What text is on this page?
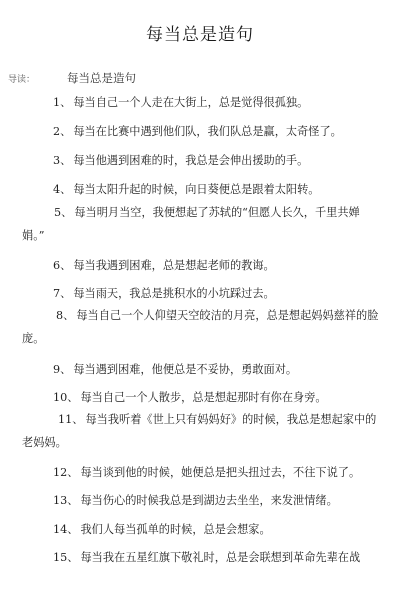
每当总是造句
导读：	每当总是造句
1、 每当自己一个人走在大街上，总是觉得很孤独。
2、 每当在比赛中遇到他们队，我们队总是赢，太奇怪了。
3、 每当他遇到困难的时，我总是会伸出援助的手。
4、 每当太阳升起的时候，向日葵便总是跟着太阳转。
5、 每当明月当空，我便想起了苏轼的“但愿人长久，千里共婵娟。”
6、 每当我遇到困难，总是想起老师的教诲。
7、 每当雨天，我总是挑积水的小坑踩过去。
8、 每当自己一个人仰望天空皎洁的月亮，总是想起妈妈慈祥的脸庞。
9、 每当遇到困难，他便总是不妥协，勇敢面对。
10、 每当自己一个人散步，总是想起那时有你在身旁。
11、 每当我听着《世上只有妈妈好》的时候，我总是想起家中的老妈妈。
12、 每当谈到他的时候，她便总是把头扭过去，不往下说了。
13、 每当伤心的时候我总是到湖边去坐坐，来发泄情绪。
14、 我们人每当孤单的时候，总是会想家。
15、 每当我在五星红旗下敬礼时，总是会联想到革命先辈在战
